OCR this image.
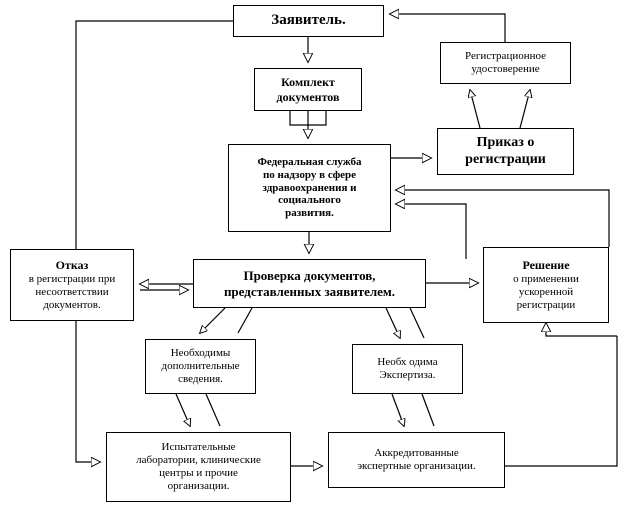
Заявитель.
Регистрационное
удостоверение
Комплект
документов
Приказ о
регистрации
Федеральная служба
по надзору в сфере
здравоохранения и
социального
развития.
Отказ
в регистрации при
несоответствии
документов.
Проверка документов,
представленных заявителем.
Решение
о применении
ускоренной
регистрации
Необходимы
дополнительные
сведения.
Необх одима
Экспертиза.
Испытательные
лаборатории, клинические
центры и прочие
организации.
Аккредитованные
экспертные организации.
